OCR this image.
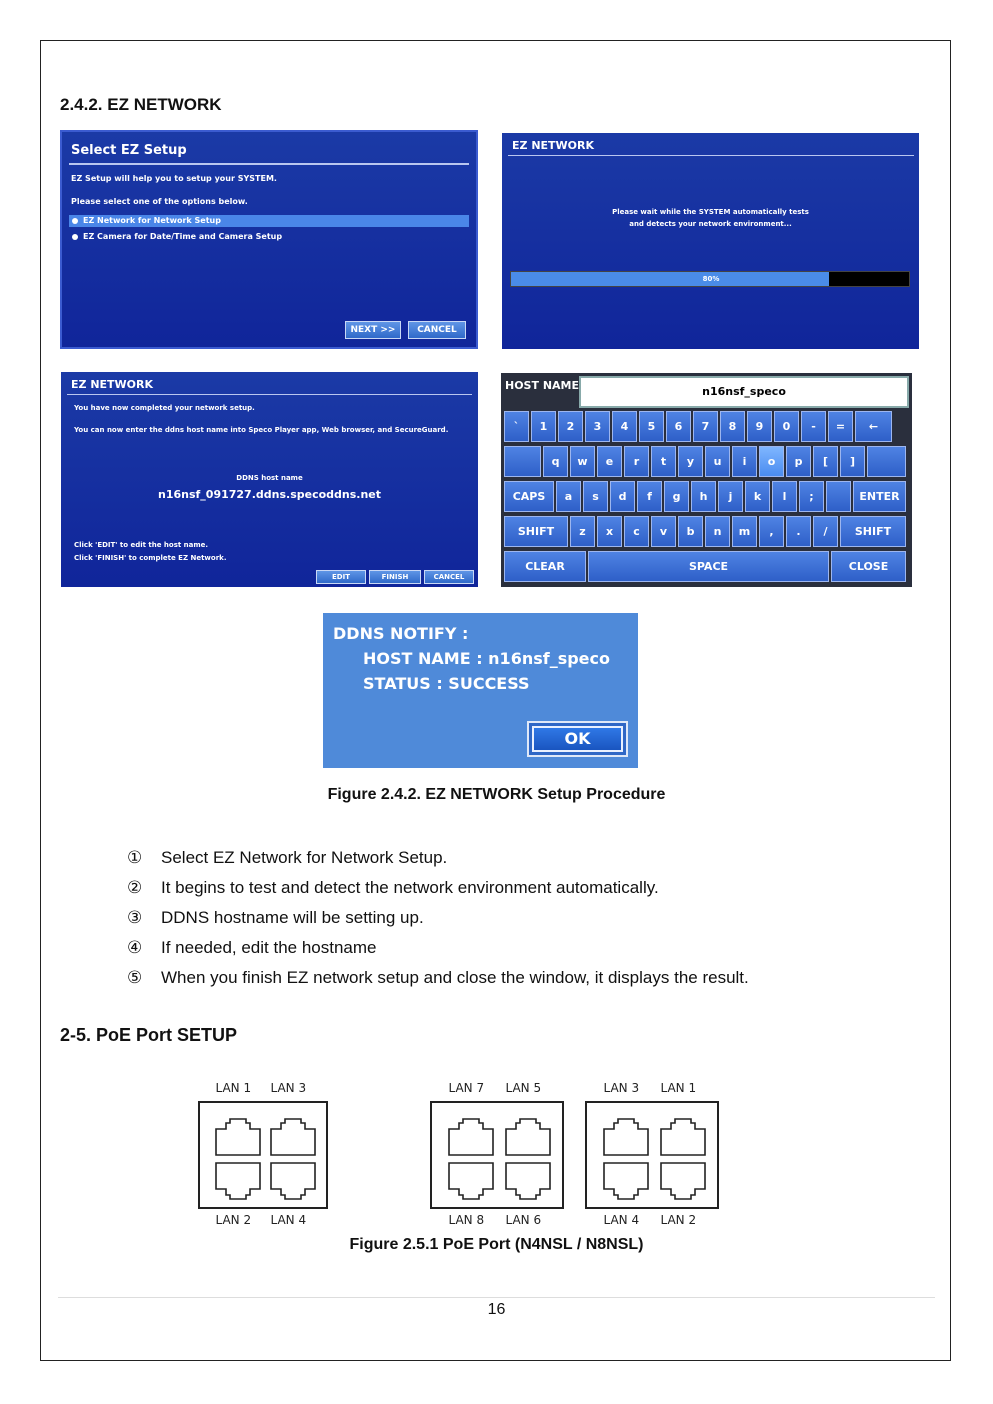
2.4.2. EZ NETWORK
Select EZ Setup
EZ Setup will help you to setup your SYSTEM.
Please select one of the options below.
EZ Network for Network Setup
EZ Camera for Date/Time and Camera Setup
NEXT >>	CANCEL
EZ NETWORK
Please wait while the SYSTEM automatically tests
and detects your network environment...
80%
EZ NETWORK
You have now completed your network setup.
You can now enter the ddns host name into Speco Player app, Web browser, and SecureGuard.
DDNS host name
n16nsf_091727.ddns.specoddns.net
Click 'EDIT' to edit the host name.
Click 'FINISH' to complete EZ Network.
EDIT	FINISH	CANCEL
HOST NAME	n16nsf_speco
`	1	2	3	4	5	6	7	8	9	0	-	=	←
q	w	e	r	t	y	u	i	o	p	[	]
CAPS	a	s	d	f	g	h	j	k	l	;	ENTER
SHIFT	z	x	c	v	b	n	m	,	.	/	SHIFT
CLEAR	SPACE	CLOSE
DDNS NOTIFY :
HOST NAME : n16nsf_speco
STATUS : SUCCESS
OK
Figure 2.4.2. EZ NETWORK Setup Procedure
① Select EZ Network for Network Setup.
② It begins to test and detect the network environment automatically.
③ DDNS hostname will be setting up.
④ If needed, edit the hostname
⑤ When you finish EZ network setup and close the window, it displays the result.
2-5. PoE Port SETUP
LAN 1 LAN 3
LAN 2 LAN 4
LAN 7 LAN 5
LAN 8 LAN 6
LAN 3 LAN 1
LAN 4 LAN 2
Figure 2.5.1 PoE Port (N4NSL / N8NSL)
16
